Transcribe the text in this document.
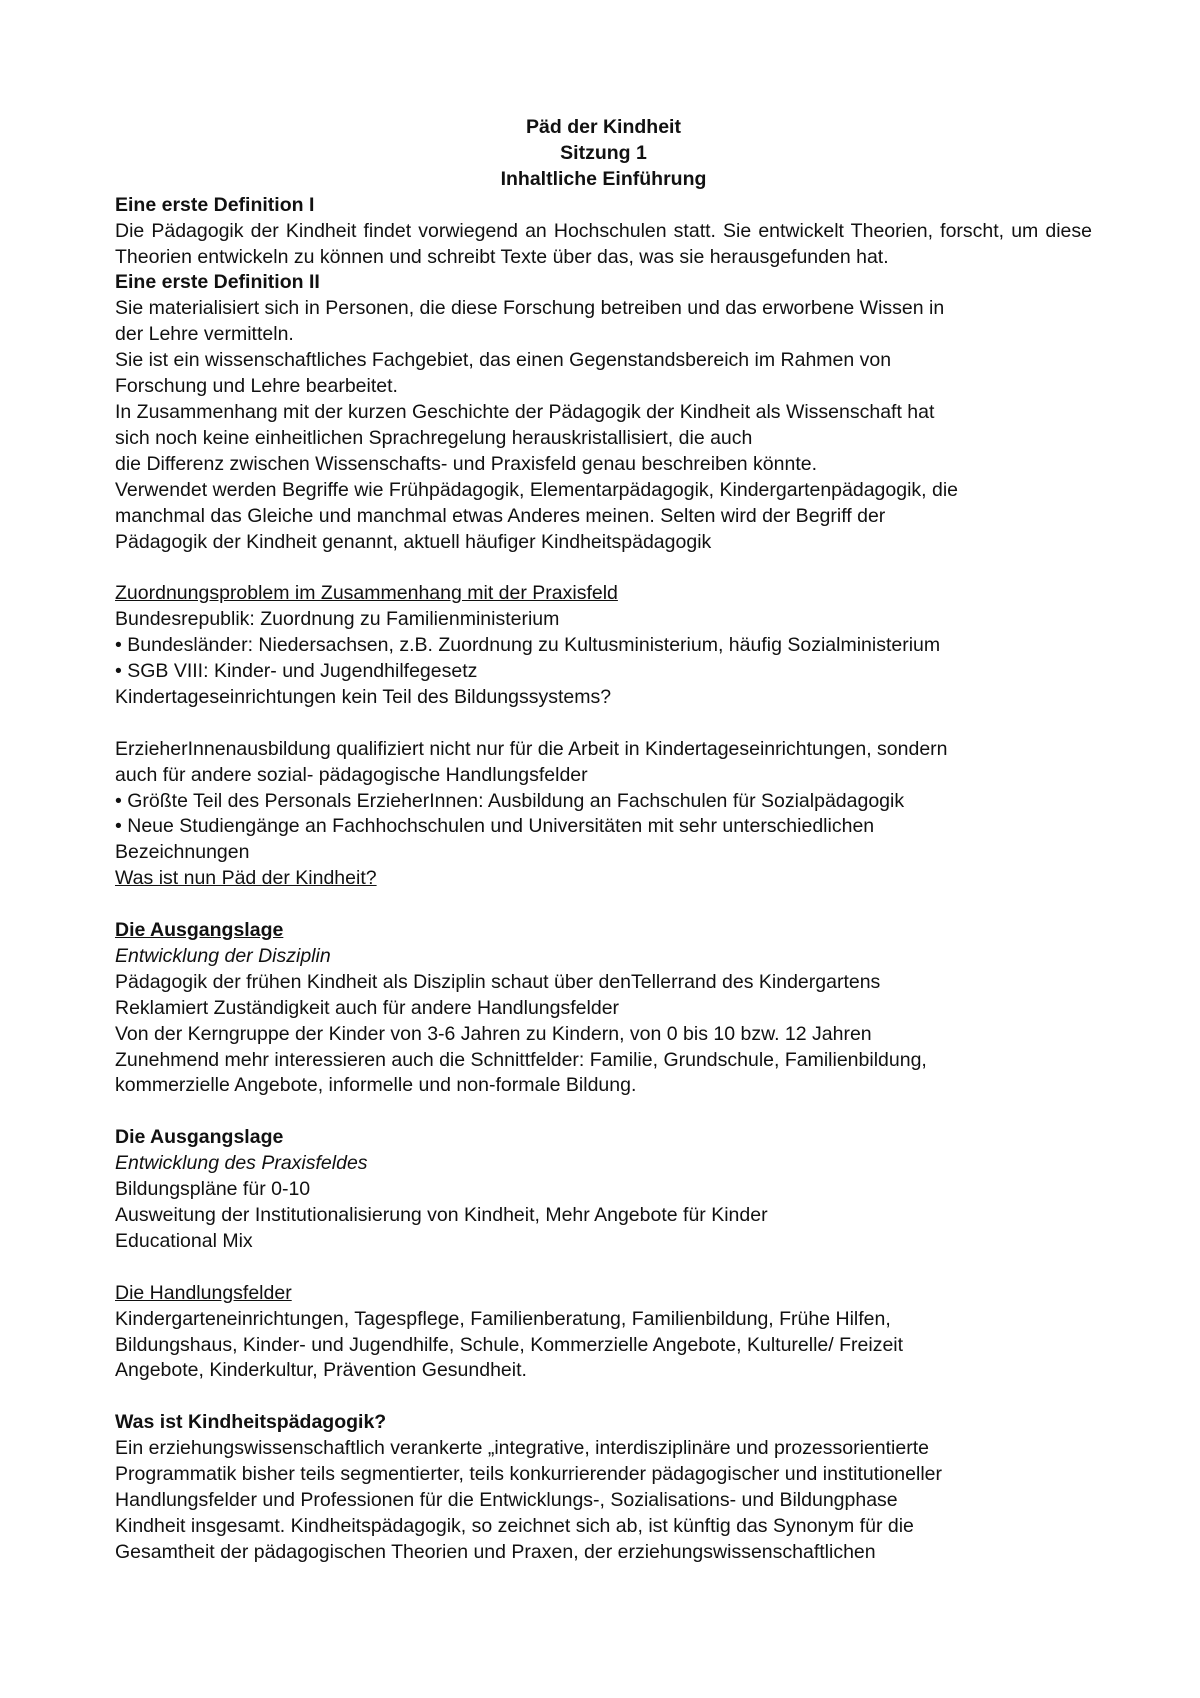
Päd der Kindheit
Sitzung 1
Inhaltliche Einführung
Eine erste Definition I
Die Pädagogik der Kindheit findet vorwiegend an Hochschulen statt. Sie entwickelt Theorien, forscht, um diese Theorien entwickeln zu können und schreibt Texte über das, was sie herausgefunden hat.
Eine erste Definition II
Sie materialisiert sich in Personen, die diese Forschung betreiben und das erworbene Wissen in
der Lehre vermitteln.
Sie ist ein wissenschaftliches Fachgebiet, das einen Gegenstandsbereich im Rahmen von
Forschung und Lehre bearbeitet.
In Zusammenhang mit der kurzen Geschichte der Pädagogik der Kindheit als Wissenschaft hat
sich noch keine einheitlichen Sprachregelung herauskristallisiert, die auch
die Differenz zwischen Wissenschafts- und Praxisfeld genau beschreiben könnte.
Verwendet werden Begriffe wie Frühpädagogik, Elementarpädagogik, Kindergartenpädagogik, die
manchmal das Gleiche und manchmal etwas Anderes meinen. Selten wird der Begriff der
Pädagogik der Kindheit genannt, aktuell häufiger Kindheitspädagogik
Zuordnungsproblem im Zusammenhang mit der Praxisfeld
Bundesrepublik: Zuordnung zu Familienministerium
• Bundesländer: Niedersachsen, z.B. Zuordnung zu Kultusministerium, häufig Sozialministerium
• SGB VIII: Kinder- und Jugendhilfegesetz
Kindertageseinrichtungen kein Teil des Bildungssystems?
ErzieherInnenausbildung qualifiziert nicht nur für die Arbeit in Kindertageseinrichtungen, sondern
auch für andere sozial- pädagogische Handlungsfelder
• Größte Teil des Personals ErzieherInnen: Ausbildung an Fachschulen für Sozialpädagogik
• Neue Studiengänge an Fachhochschulen und Universitäten mit sehr unterschiedlichen
Bezeichnungen
Was ist nun Päd der Kindheit?
Die Ausgangslage
Entwicklung der Disziplin
Pädagogik der frühen Kindheit als Disziplin schaut über denTellerrand des Kindergartens
Reklamiert Zuständigkeit auch für andere Handlungsfelder
Von der Kerngruppe der Kinder von 3-6 Jahren zu Kindern, von 0 bis 10 bzw. 12 Jahren
Zunehmend mehr interessieren auch die Schnittfelder: Familie, Grundschule, Familienbildung,
kommerzielle Angebote, informelle und non-formale Bildung.
Die Ausgangslage
Entwicklung des Praxisfeldes
Bildungspläne für 0-10
Ausweitung der Institutionalisierung von Kindheit, Mehr Angebote für Kinder
Educational Mix
Die Handlungsfelder
Kindergarteneinrichtungen, Tagespflege, Familienberatung, Familienbildung, Frühe Hilfen,
Bildungshaus, Kinder- und Jugendhilfe, Schule, Kommerzielle Angebote, Kulturelle/ Freizeit
Angebote, Kinderkultur, Prävention Gesundheit.
Was ist Kindheitspädagogik?
Ein erziehungswissenschaftlich verankerte „integrative, interdisziplinäre und prozessorientierte
Programmatik bisher teils segmentierter, teils konkurrierender pädagogischer und institutioneller
Handlungsfelder und Professionen für die Entwicklungs-, Sozialisations- und Bildungphase
Kindheit insgesamt. Kindheitspädagogik, so zeichnet sich ab, ist künftig das Synonym für die
Gesamtheit der pädagogischen Theorien und Praxen, der erziehungswissenschaftlichen
